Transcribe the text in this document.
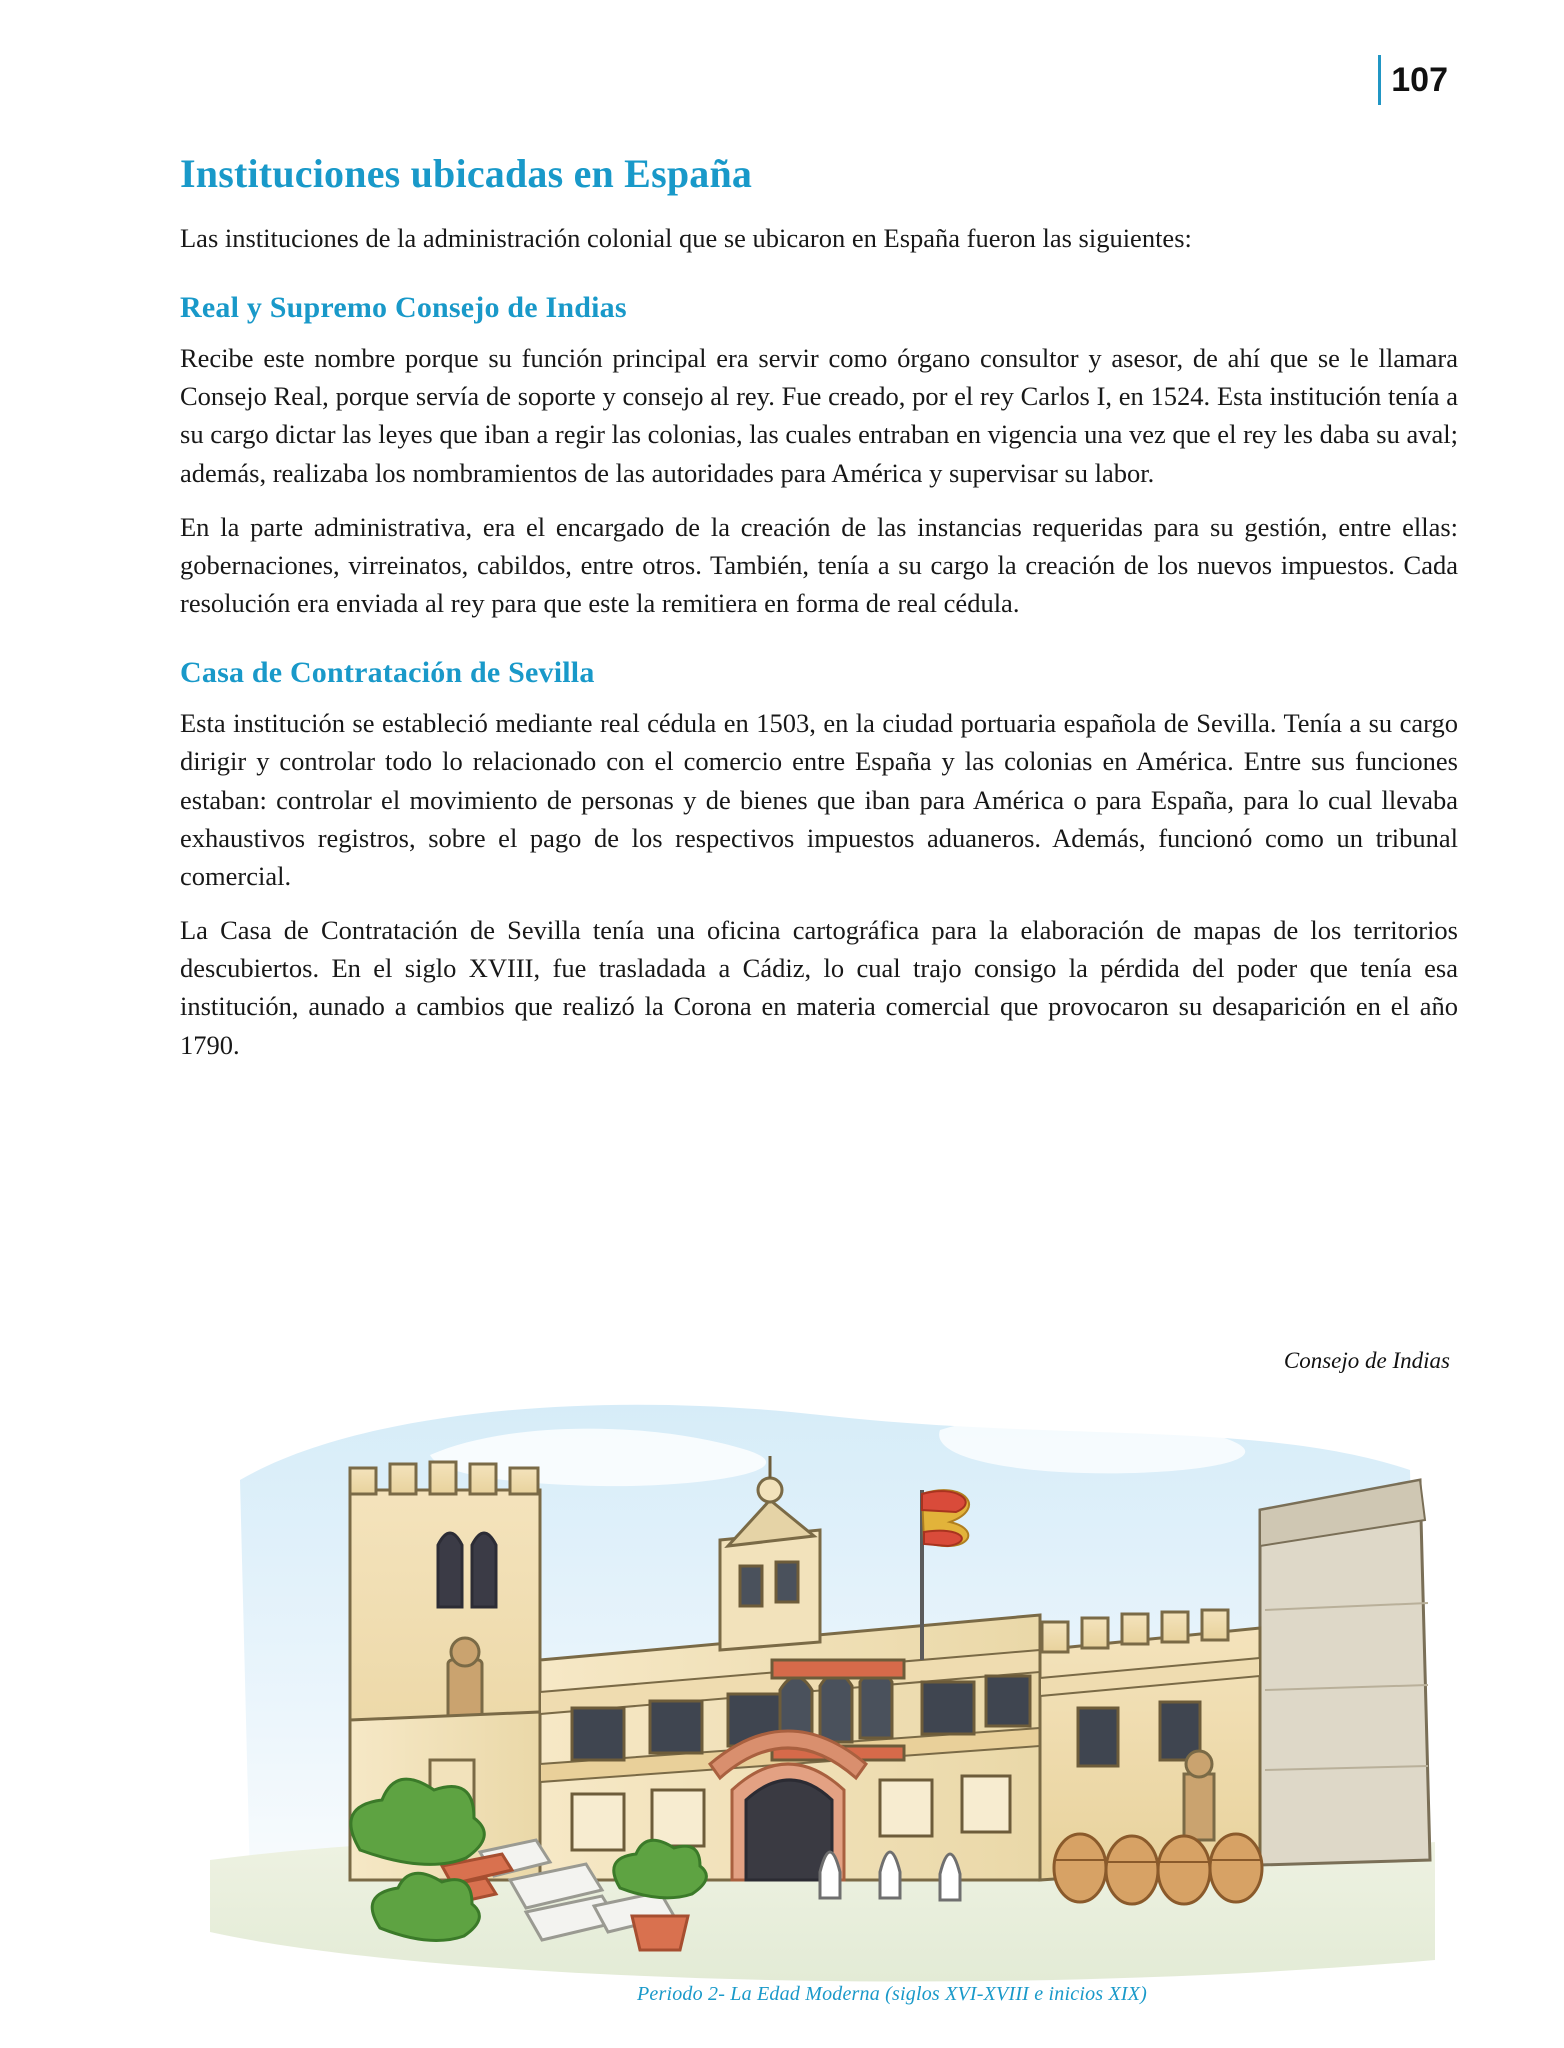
107
Instituciones ubicadas en España

Las instituciones de la administración colonial que se ubicaron en España fueron las siguientes:

Real y Supremo Consejo de Indias

Recibe este nombre porque su función principal era servir como órgano consultor y asesor, de ahí que se le llamara Consejo Real, porque servía de soporte y consejo al rey. Fue creado, por el rey Carlos I, en 1524. Esta institución tenía a su cargo dictar las leyes que iban a regir las colonias, las cuales entraban en vigencia una vez que el rey les daba su aval; además, realizaba los nombramientos de las autoridades para América y supervisar su labor.

En la parte administrativa, era el encargado de la creación de las instancias requeridas para su gestión, entre ellas: gobernaciones, virreinatos, cabildos, entre otros. También, tenía a su cargo la creación de los nuevos impuestos. Cada resolución era enviada al rey para que este la remitiera en forma de real cédula.

Casa de Contratación de Sevilla

Esta institución se estableció mediante real cédula en 1503, en la ciudad portuaria española de Sevilla. Tenía a su cargo dirigir y controlar todo lo relacionado con el comercio entre España y las colonias en América. Entre sus funciones estaban: controlar el movimiento de personas y de bienes que iban para América o para España, para lo cual llevaba exhaustivos registros, sobre el pago de los respectivos impuestos aduaneros. Además, funcionó como un tribunal comercial.

La Casa de Contratación de Sevilla tenía una oficina cartográfica para la elaboración de mapas de los territorios descubiertos. En el siglo XVIII, fue trasladada a Cádiz, lo cual trajo consigo la pérdida del poder que tenía esa institución, aunado a cambios que realizó la Corona en materia comercial que provocaron su desaparición en el año 1790.

Consejo de Indias
Periodo 2- La Edad Moderna (siglos XVI-XVIII e inicios XIX)
